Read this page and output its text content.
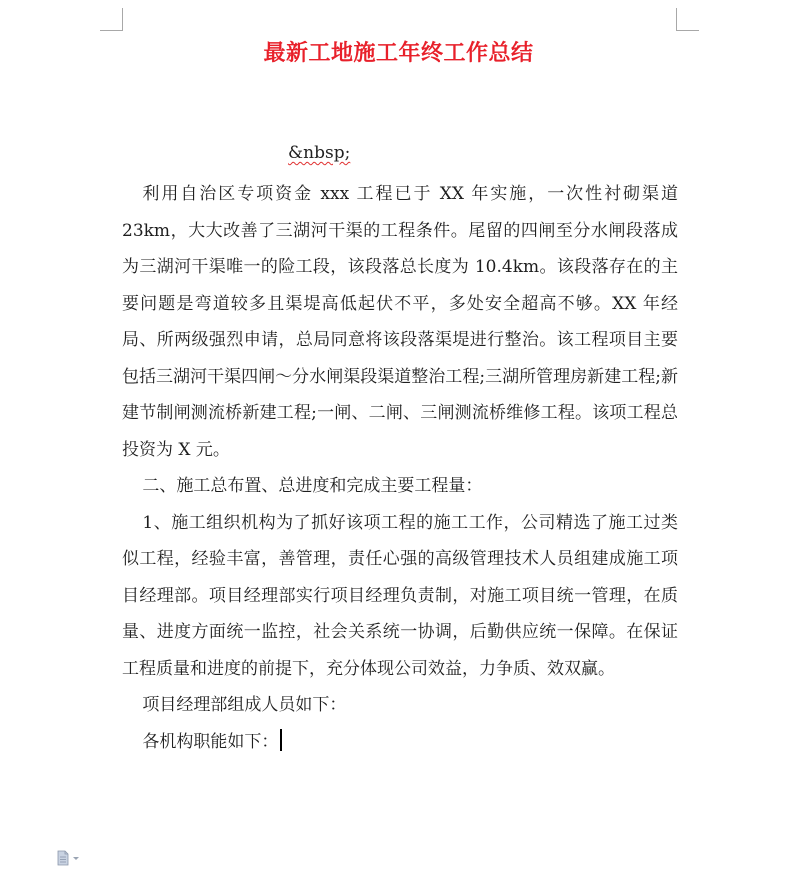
最新工地施工年终工作总结
&nbsp;

利用自治区专项资金 xxx 工程已于 XX 年实施，一次性衬砌渠道23km，大大改善了三湖河干渠的工程条件。尾留的四闸至分水闸段落成为三湖河干渠唯一的险工段，该段落总长度为 10.4km。该段落存在的主要问题是弯道较多且渠堤高低起伏不平，多处安全超高不够。XX 年经局、所两级强烈申请，总局同意将该段落渠堤进行整治。该工程项目主要包括三湖河干渠四闸～分水闸渠段渠道整治工程;三湖所管理房新建工程;新建节制闸测流桥新建工程;一闸、二闸、三闸测流桥维修工程。该项工程总投资为 X 元。

二、施工总布置、总进度和完成主要工程量：

1、施工组织机构为了抓好该项工程的施工工作，公司精选了施工过类似工程，经验丰富，善管理，责任心强的高级管理技术人员组建成施工项目经理部。项目经理部实行项目经理负责制，对施工项目统一管理，在质量、进度方面统一监控，社会关系统一协调，后勤供应统一保障。在保证工程质量和进度的前提下，充分体现公司效益，力争质、效双赢。

项目经理部组成人员如下：

各机构职能如下：
